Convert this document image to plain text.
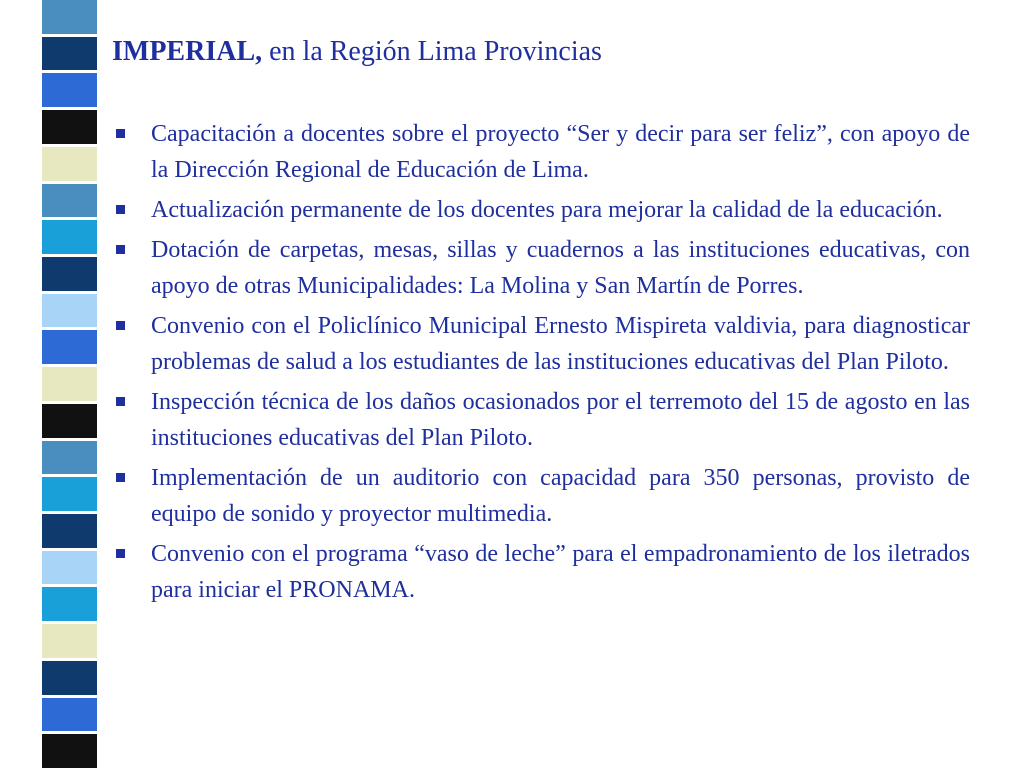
IMPERIAL, en la Región Lima Provincias
Capacitación a docentes sobre el proyecto “Ser y decir para ser feliz”, con apoyo de la Dirección Regional de Educación de Lima.
Actualización permanente de los docentes para mejorar la calidad de la educación.
Dotación de carpetas, mesas, sillas y cuadernos a las instituciones educativas, con apoyo de otras Municipalidades: La Molina y San Martín de Porres.
Convenio con el Policlínico Municipal Ernesto Mispireta valdivia, para diagnosticar problemas de salud a los estudiantes de las instituciones educativas del Plan Piloto.
Inspección técnica de los daños ocasionados por el terremoto del 15 de agosto en las instituciones educativas del Plan Piloto.
Implementación de un auditorio con capacidad para 350 personas, provisto de equipo de sonido y proyector multimedia.
Convenio con el programa “vaso de leche” para el empadronamiento de los iletrados para iniciar el PRONAMA.
